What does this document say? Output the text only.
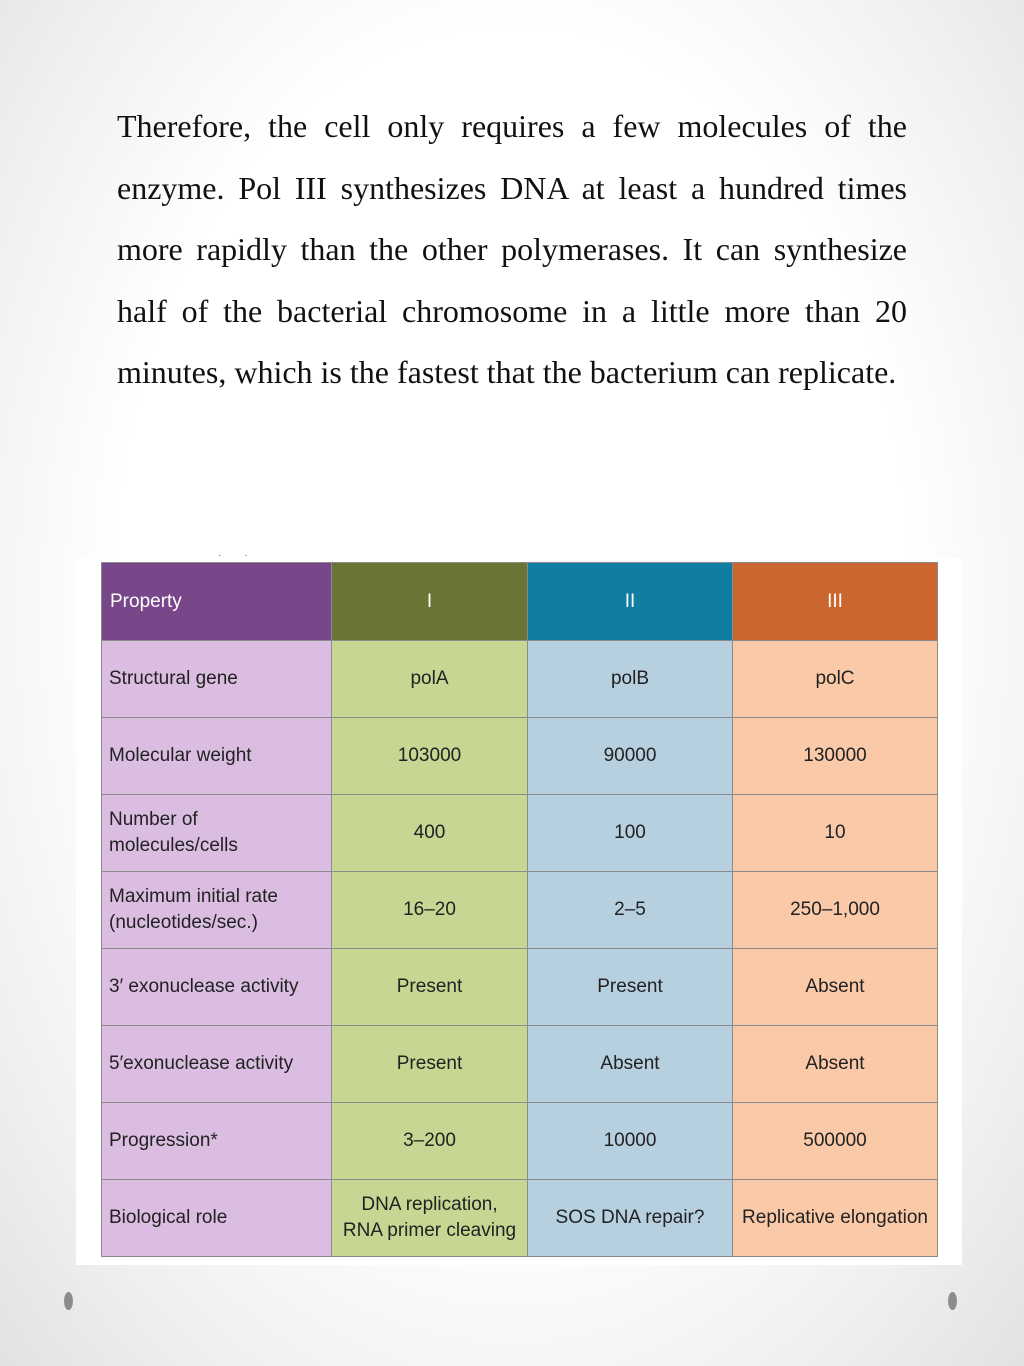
Therefore, the cell only requires a few molecules of the enzyme. Pol III synthesizes DNA at least a hundred times more rapidly than the other polymerases. It can synthesize half of the bacterial chromosome in a little more than 20 minutes, which is the fastest that the bacterium can replicate.

· ·
Property	I	II	III
Structural gene	polA	polB	polC
Molecular weight	103000	90000	130000
Number of molecules/cells	400	100	10
Maximum initial rate (nucleotides/sec.)	16–20	2–5	250–1,000
3′ exonuclease activity	Present	Present	Absent
5′exonuclease activity	Present	Absent	Absent
Progression*	3–200	10000	500000
Biological role	DNA replication, RNA primer cleaving	SOS DNA repair?	Replicative elongation
